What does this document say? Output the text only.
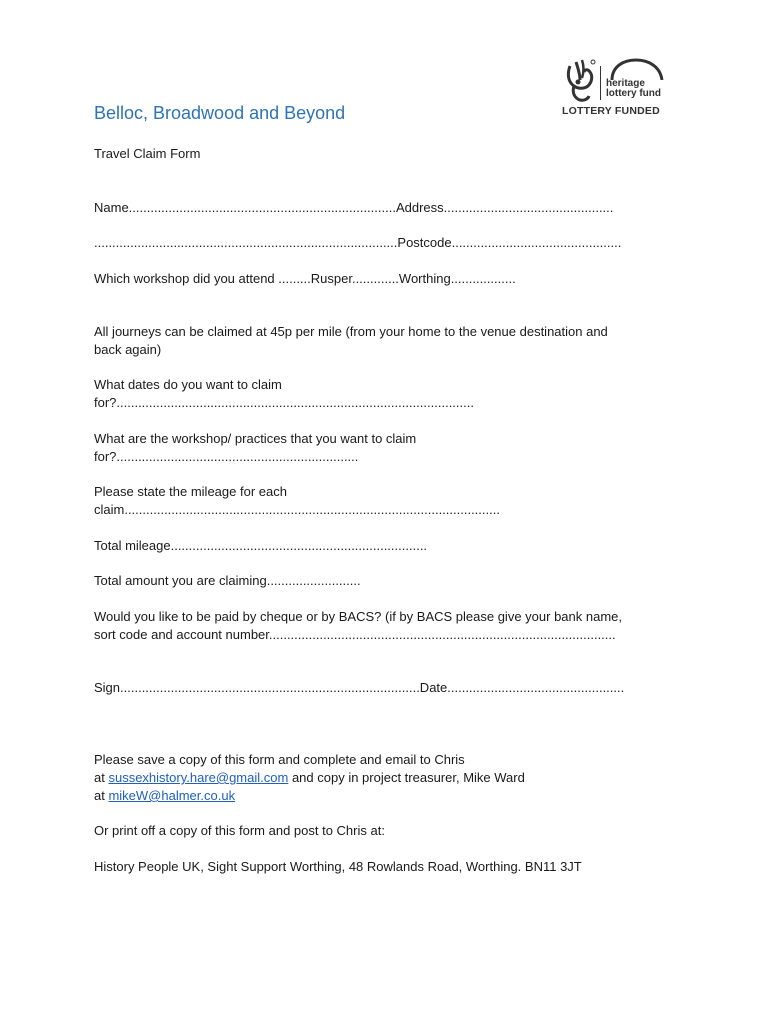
heritage
lottery fund
LOTTERY FUNDED
Belloc, Broadwood and Beyond
Travel Claim Form
Name..........................................................................Address...............................................
....................................................................................Postcode...............................................
Which workshop did you attend .........Rusper.............Worthing..................
All journeys can be claimed at 45p per mile (from your home to the venue destination and
back again)
What dates do you want to claim
for?...................................................................................................
What are the workshop/ practices that you want to claim
for?...................................................................
Please state the mileage for each
claim........................................................................................................
Total mileage.......................................................................
Total amount you are claiming..........................
Would you like to be paid by cheque or by BACS? (if by BACS please give your bank name,
sort code and account number................................................................................................
Sign...................................................................................Date.................................................
Please save a copy of this form and complete and email to Chris
at sussexhistory.hare@gmail.com and copy in project treasurer, Mike Ward
at mikeW@halmer.co.uk
Or print off a copy of this form and post to Chris at:
History People UK, Sight Support Worthing, 48 Rowlands Road, Worthing. BN11 3JT
